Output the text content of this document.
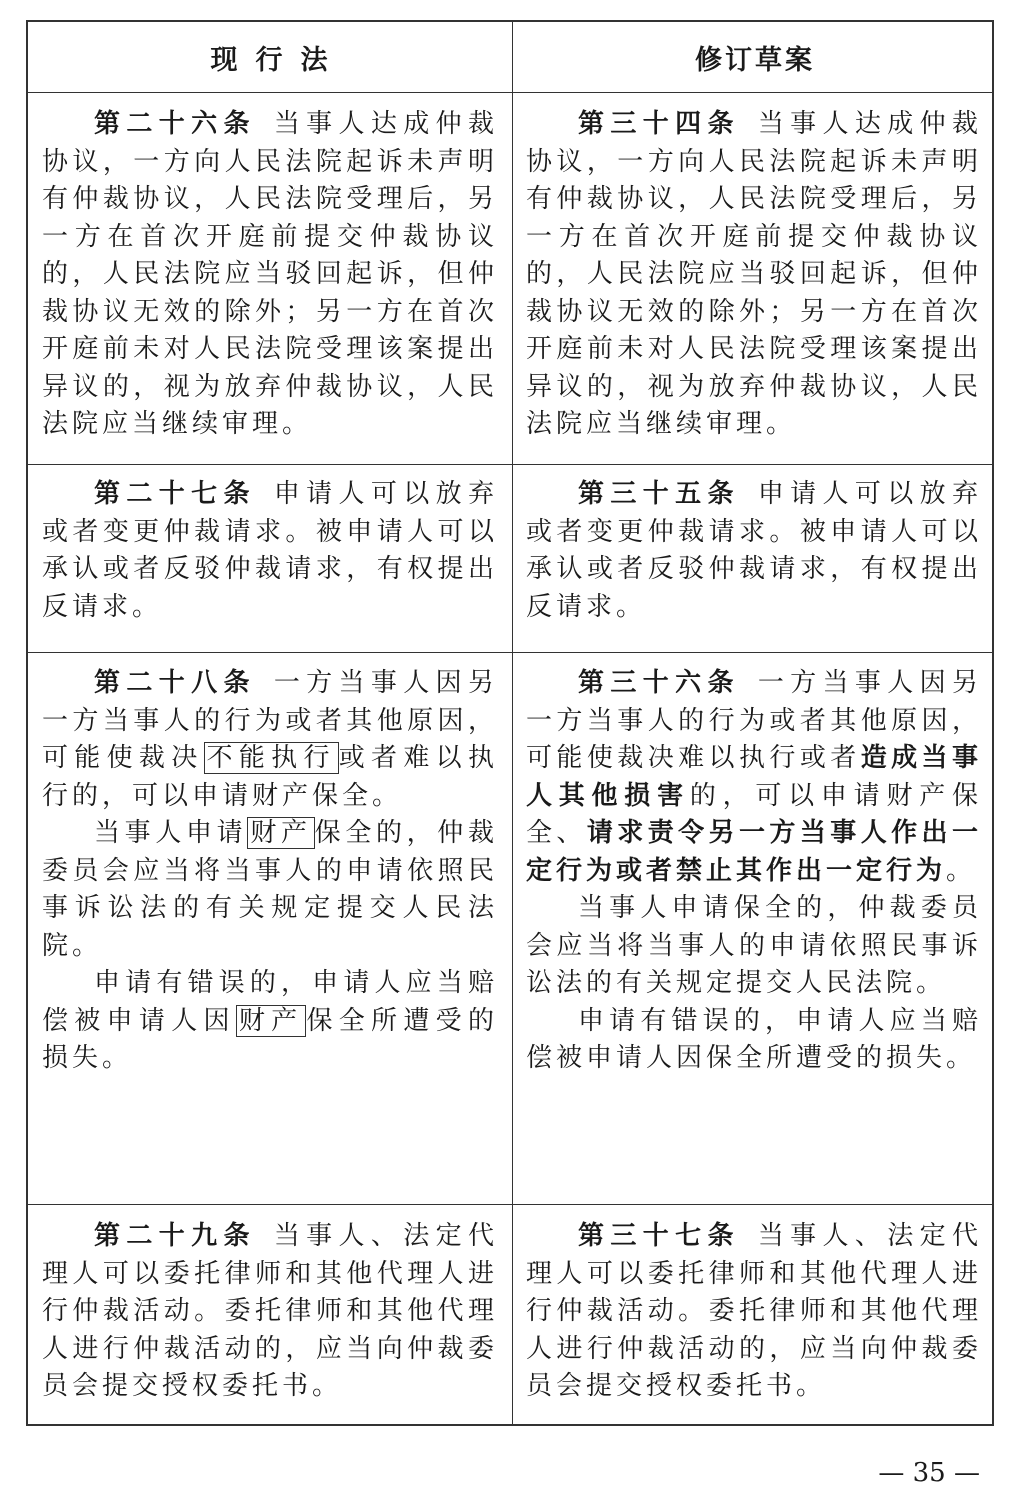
现行法	修订草案

第二十六条 当事人达成仲裁协议，一方向人民法院起诉未声明有仲裁协议，人民法院受理后，另一方在首次开庭前提交仲裁协议的，人民法院应当驳回起诉，但仲裁协议无效的除外；另一方在首次开庭前未对人民法院受理该案提出异议的，视为放弃仲裁协议，人民法院应当继续审理。

第三十四条 当事人达成仲裁协议，一方向人民法院起诉未声明有仲裁协议，人民法院受理后，另一方在首次开庭前提交仲裁协议的，人民法院应当驳回起诉，但仲裁协议无效的除外；另一方在首次开庭前未对人民法院受理该案提出异议的，视为放弃仲裁协议，人民法院应当继续审理。

第二十七条 申请人可以放弃或者变更仲裁请求。被申请人可以承认或者反驳仲裁请求，有权提出反请求。

第三十五条 申请人可以放弃或者变更仲裁请求。被申请人可以承认或者反驳仲裁请求，有权提出反请求。

第二十八条 一方当事人因另一方当事人的行为或者其他原因，可能使裁决 不能执行 或者难以执行的，可以申请财产保全。

当事人申请 财产 保全的，仲裁委员会应当将当事人的申请依照民事诉讼法的有关规定提交人民法院。

申请有错误的，申请人应当赔偿被申请人因 财产 保全所遭受的损失。

第三十六条 一方当事人因另一方当事人的行为或者其他原因，可能使裁决难以执行或者造成当事人其他损害的，可以申请财产保全、请求责令另一方当事人作出一定行为或者禁止其作出一定行为。

当事人申请保全的，仲裁委员会应当将当事人的申请依照民事诉讼法的有关规定提交人民法院。

申请有错误的，申请人应当赔偿被申请人因保全所遭受的损失。

第二十九条 当事人、法定代理人可以委托律师和其他代理人进行仲裁活动。委托律师和其他代理人进行仲裁活动的，应当向仲裁委员会提交授权委托书。

第三十七条 当事人、法定代理人可以委托律师和其他代理人进行仲裁活动。委托律师和其他代理人进行仲裁活动的，应当向仲裁委员会提交授权委托书。

— 35 —
